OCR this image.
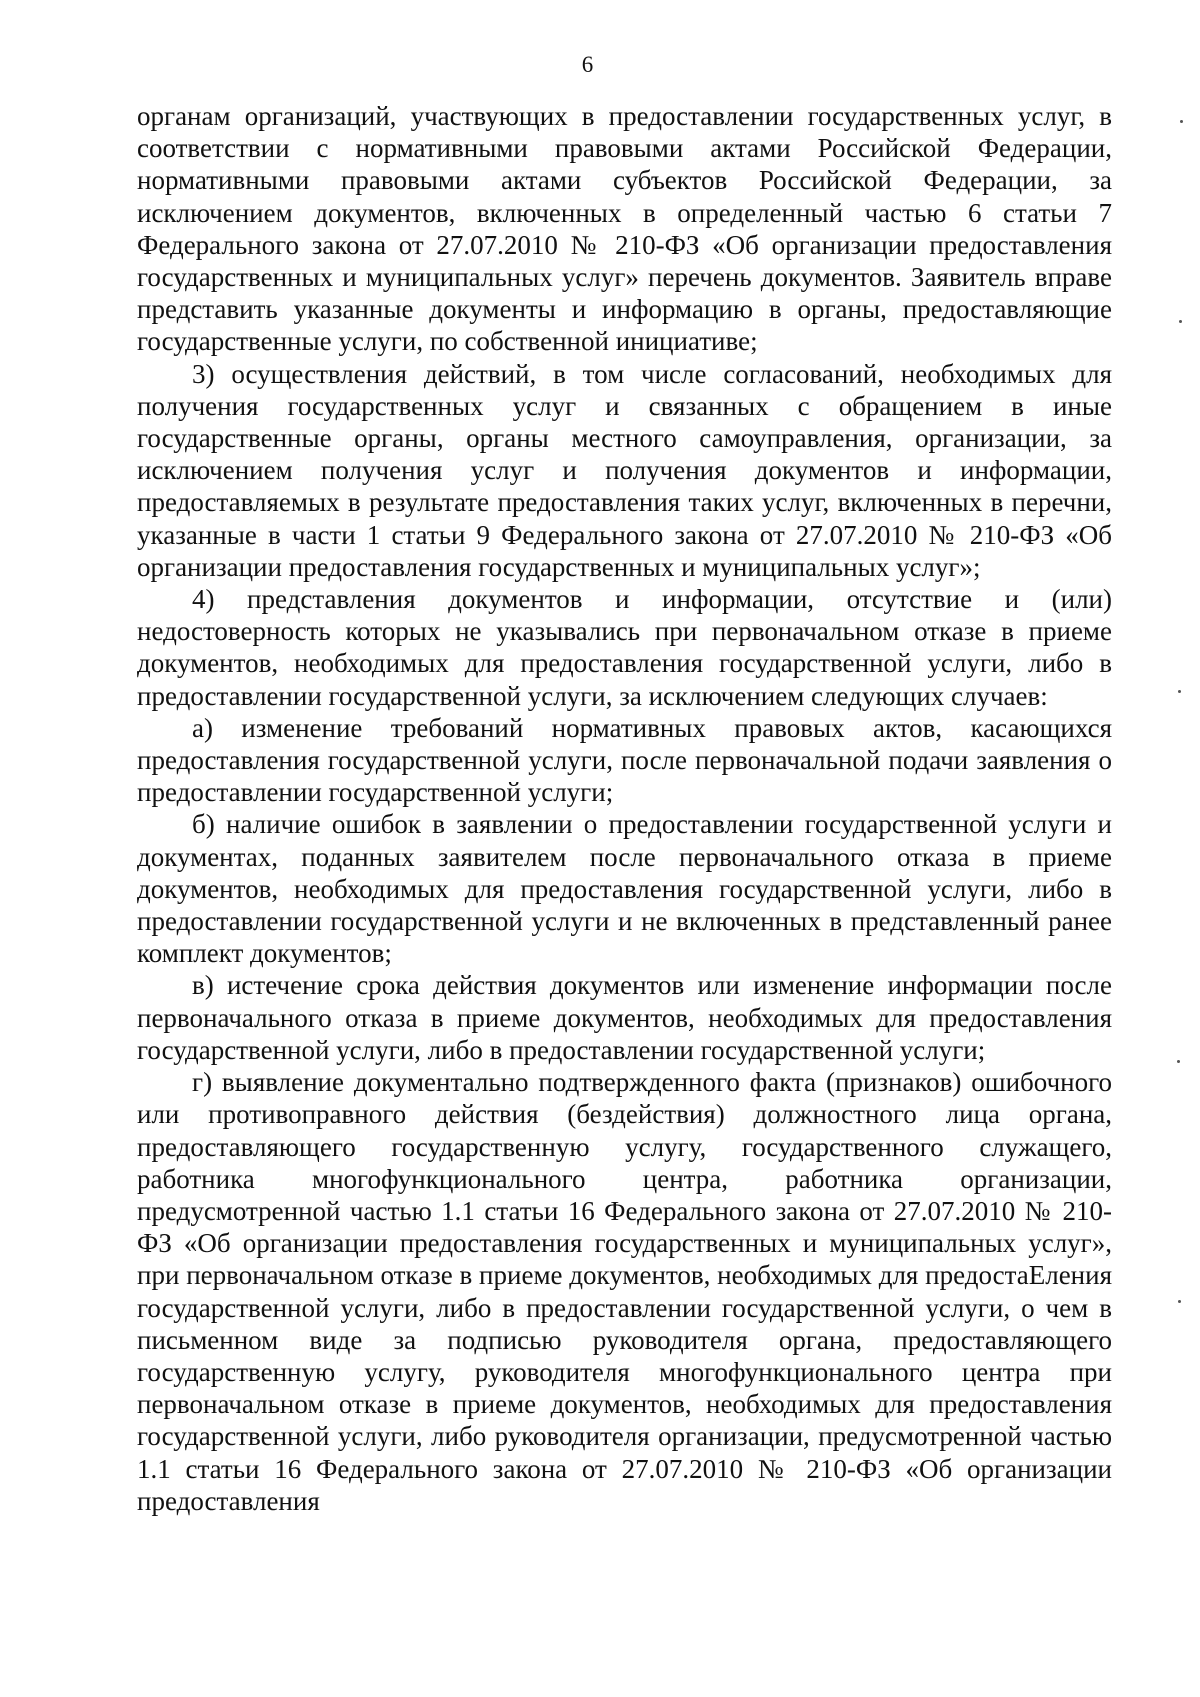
6

органам организаций, участвующих в предоставлении государственных услуг, в соответствии с нормативными правовыми актами Российской Федерации, нормативными правовыми актами субъектов Российской Федерации, за исключением документов, включенных в определенный частью 6 статьи 7 Федерального закона от 27.07.2010 № 210-ФЗ «Об организации предоставления государственных и муниципальных услуг» перечень документов. Заявитель вправе представить указанные документы и информацию в органы, предоставляющие государственные услуги, по собственной инициативе;

3) осуществления действий, в том числе согласований, необходимых для получения государственных услуг и связанных с обращением в иные государственные органы, органы местного самоуправления, организации, за исключением получения услуг и получения документов и информации, предоставляемых в результате предоставления таких услуг, включенных в перечни, указанные в части 1 статьи 9 Федерального закона от 27.07.2010 № 210-ФЗ «Об организации предоставления государственных и муниципальных услуг»;

4) представления документов и информации, отсутствие и (или) недостоверность которых не указывались при первоначальном отказе в приеме документов, необходимых для предоставления государственной услуги, либо в предоставлении государственной услуги, за исключением следующих случаев:

а) изменение требований нормативных правовых актов, касающихся предоставления государственной услуги, после первоначальной подачи заявления о предоставлении государственной услуги;

б) наличие ошибок в заявлении о предоставлении государственной услуги и документах, поданных заявителем после первоначального отказа в приеме документов, необходимых для предоставления государственной услуги, либо в предоставлении государственной услуги и не включенных в представленный ранее комплект документов;

в) истечение срока действия документов или изменение информации после первоначального отказа в приеме документов, необходимых для предоставления государственной услуги, либо в предоставлении государственной услуги;

г) выявление документально подтвержденного факта (признаков) ошибочного или противоправного действия (бездействия) должностного лица органа, предоставляющего государственную услугу, государственного служащего, работника многофункционального центра, работника организации, предусмотренной частью 1.1 статьи 16 Федерального закона от 27.07.2010 № 210-ФЗ «Об организации предоставления государственных и муниципальных услуг», при первоначальном отказе в приеме документов, необходимых для предостаЕления государственной услуги, либо в предоставлении государственной услуги, о чем в письменном виде за подписью руководителя органа, предоставляющего государственную услугу, руководителя многофункционального центра при первоначальном отказе в приеме документов, необходимых для предоставления государственной услуги, либо руководителя организации, предусмотренной частью 1.1 статьи 16 Федерального закона от 27.07.2010 № 210-ФЗ «Об организации предоставления
